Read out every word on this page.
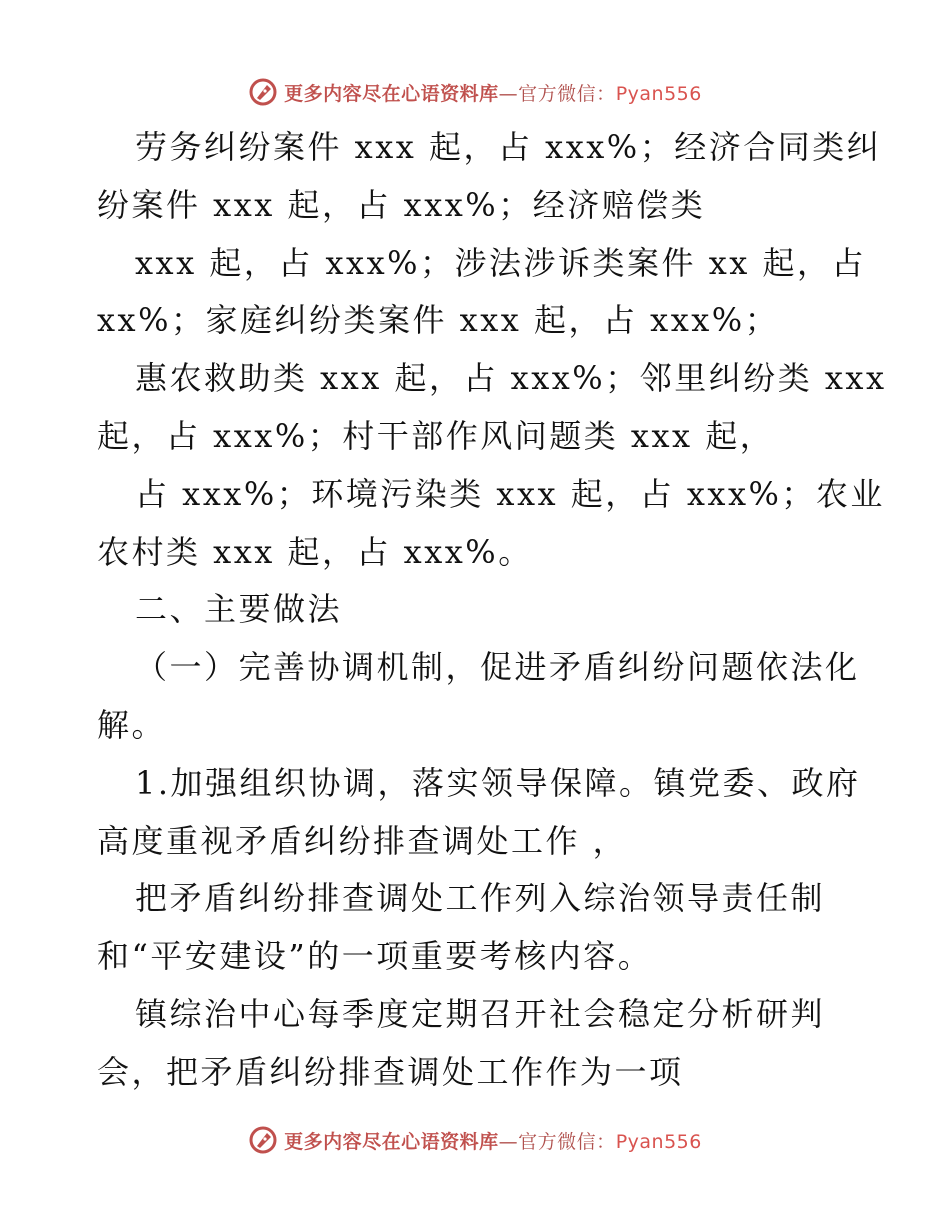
更多内容尽在心语资料库—官方微信：Pyan556
劳务纠纷案件 xxx 起，占 xxx%；经济合同类纠
纷案件 xxx 起，占 xxx%；经济赔偿类
xxx 起，占 xxx%；涉法涉诉类案件 xx 起，占
xx%；家庭纠纷类案件 xxx 起，占 xxx%；
惠农救助类 xxx 起，占 xxx%；邻里纠纷类 xxx
起，占 xxx%；村干部作风问题类 xxx 起，
占 xxx%；环境污染类 xxx 起，占 xxx%；农业
农村类 xxx 起，占 xxx%。
二、主要做法
（一）完善协调机制，促进矛盾纠纷问题依法化
解。
1.加强组织协调，落实领导保障。镇党委、政府
高度重视矛盾纠纷排查调处工作 ，
把矛盾纠纷排查调处工作列入综治领导责任制
和“平安建设”的一项重要考核内容。
镇综治中心每季度定期召开社会稳定分析研判
会，把矛盾纠纷排查调处工作作为一项
更多内容尽在心语资料库—官方微信：Pyan556
